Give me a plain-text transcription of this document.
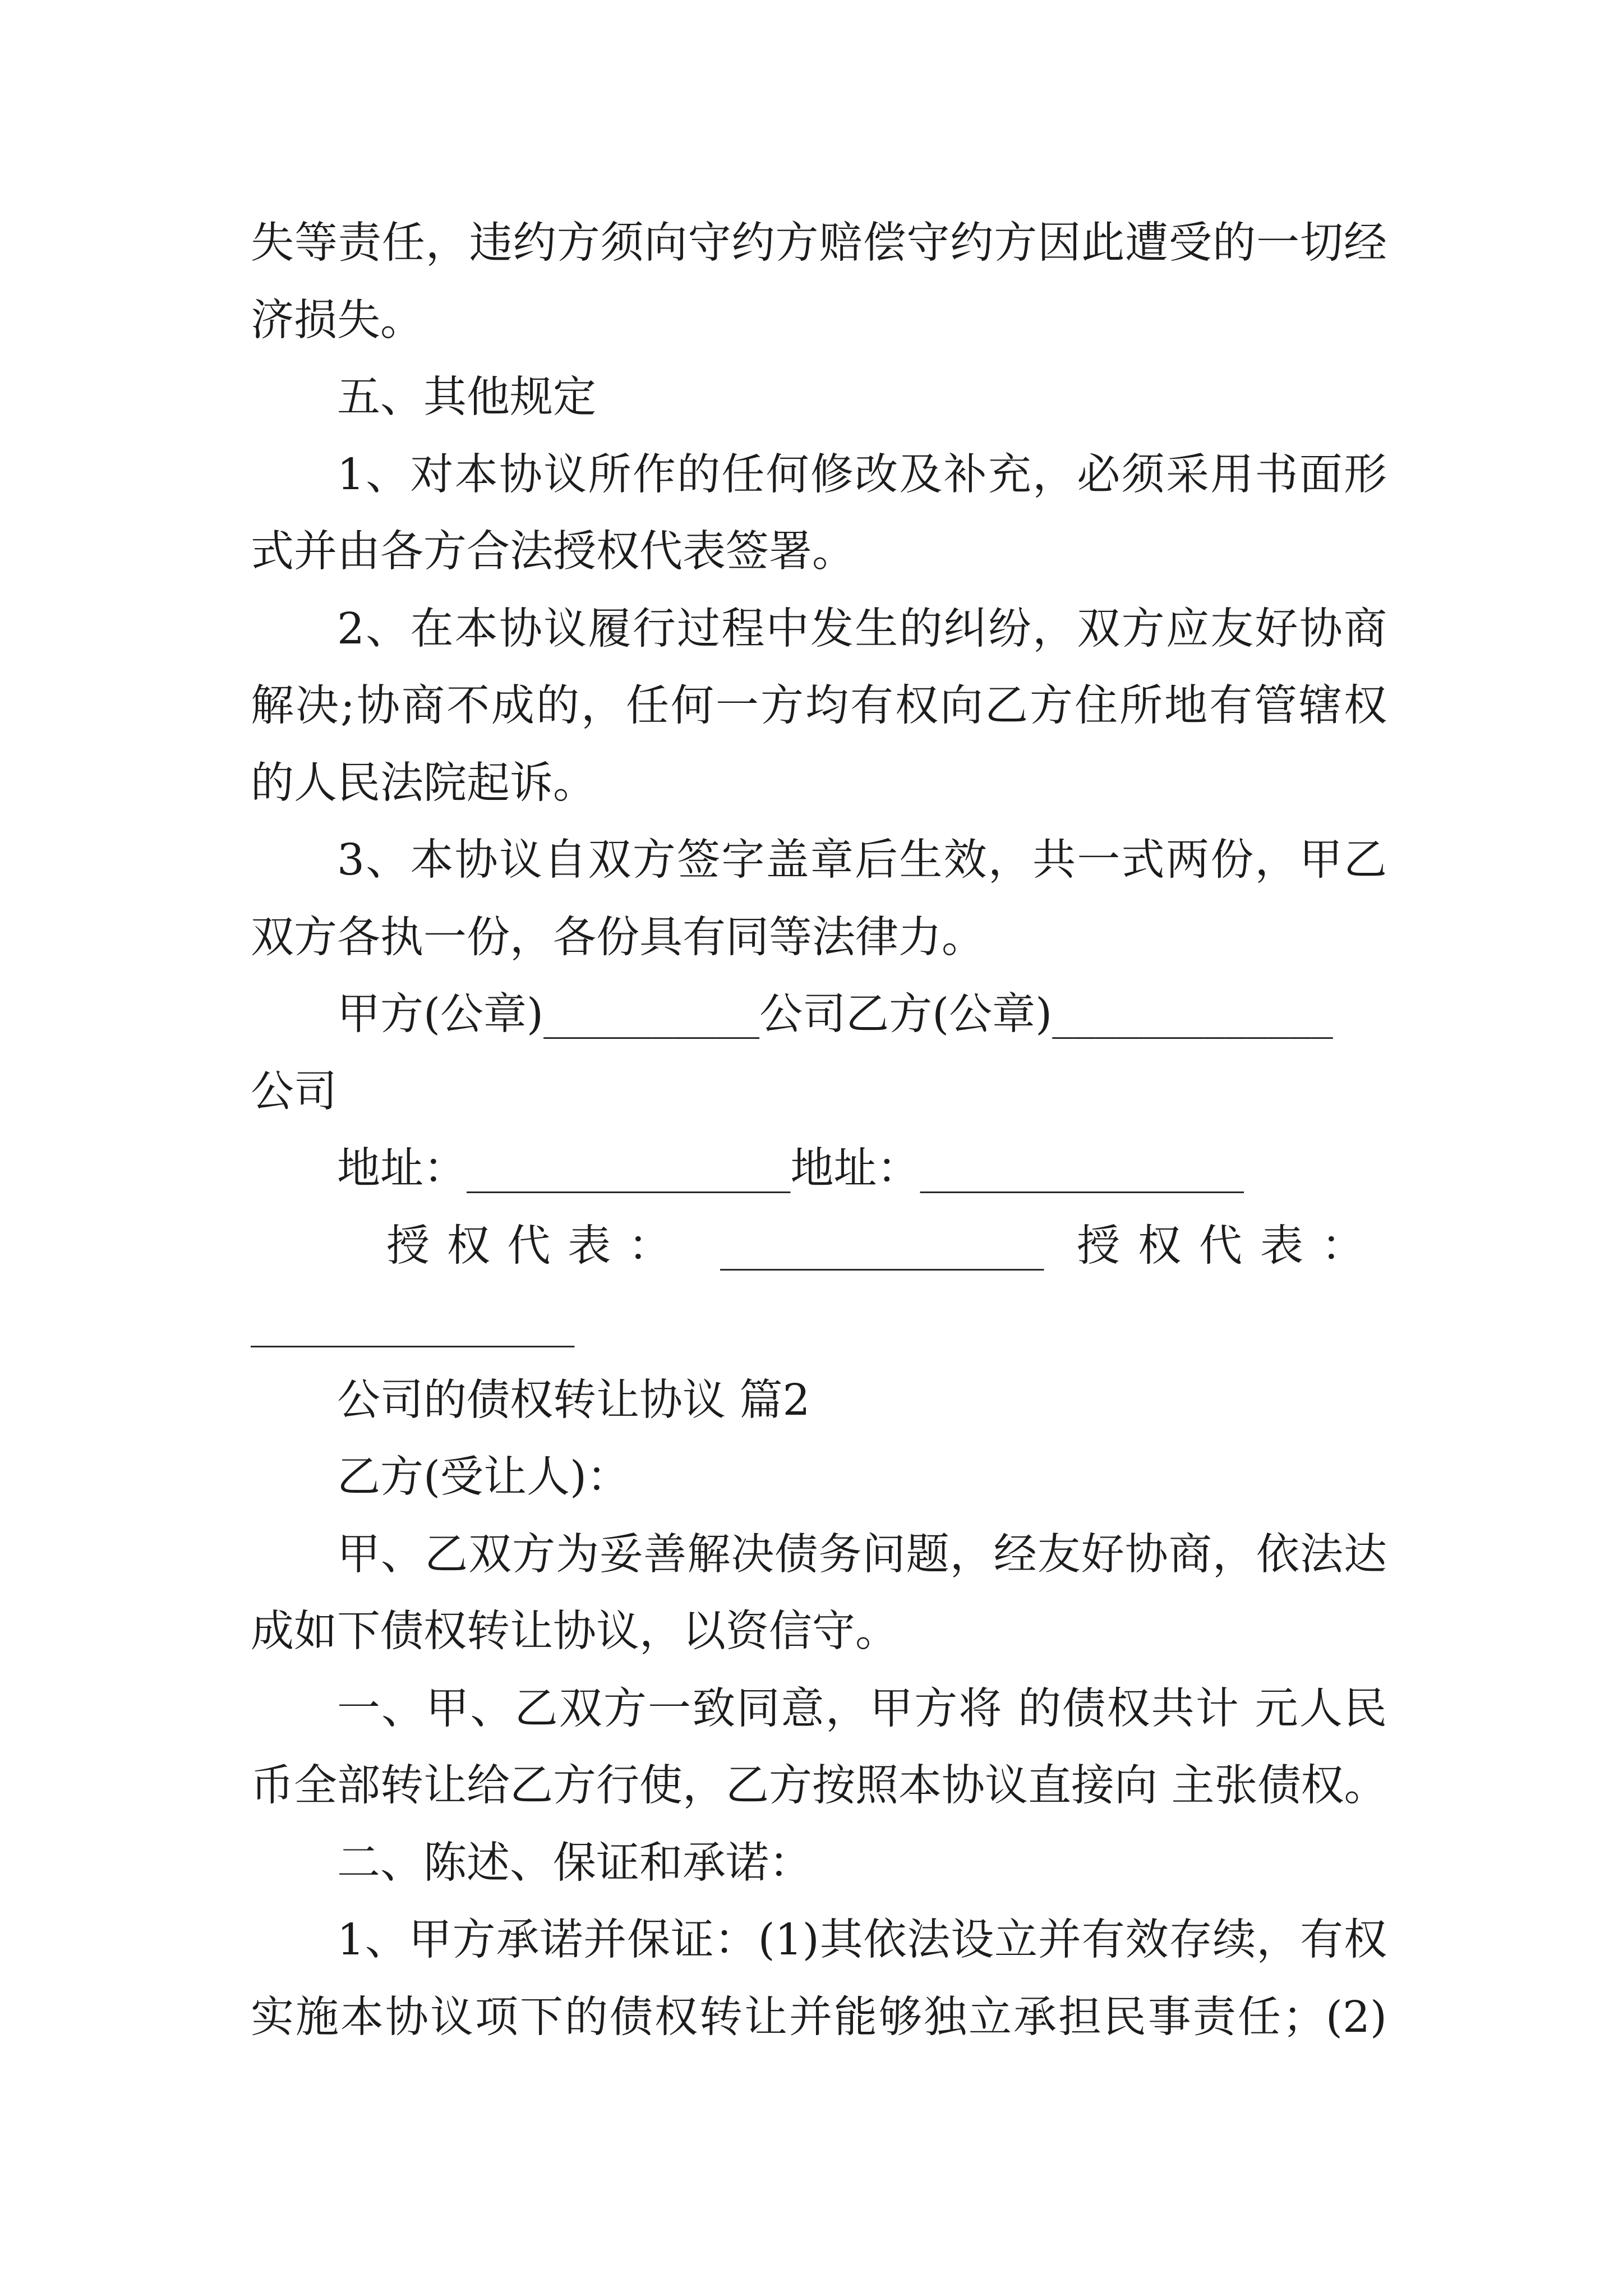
失等责任，违约方须向守约方赔偿守约方因此遭受的一切经
济损失。
五、其他规定
1、对本协议所作的任何修改及补充，必须采用书面形
式并由各方合法授权代表签署。
2、在本协议履行过程中发生的纠纷，双方应友好协商
解决;协商不成的，任何一方均有权向乙方住所地有管辖权
的人民法院起诉。
3、本协议自双方签字盖章后生效，共一式两份，甲乙
双方各执一份，各份具有同等法律力。
甲方(公章)__________公司乙方(公章)_____________
公司
地址：_______________地址：_______________
授 权 代 表 ： _______________ 授 权 代 表 ：
_______________
公司的债权转让协议 篇2
乙方(受让人)：
甲、乙双方为妥善解决债务问题，经友好协商，依法达
成如下债权转让协议，以资信守。
一、甲、乙双方一致同意，甲方将 的债权共计 元人民
币全部转让给乙方行使，乙方按照本协议直接向 主张债权。
二、陈述、保证和承诺：
1、甲方承诺并保证：(1)其依法设立并有效存续，有权
实施本协议项下的债权转让并能够独立承担民事责任；(2)
